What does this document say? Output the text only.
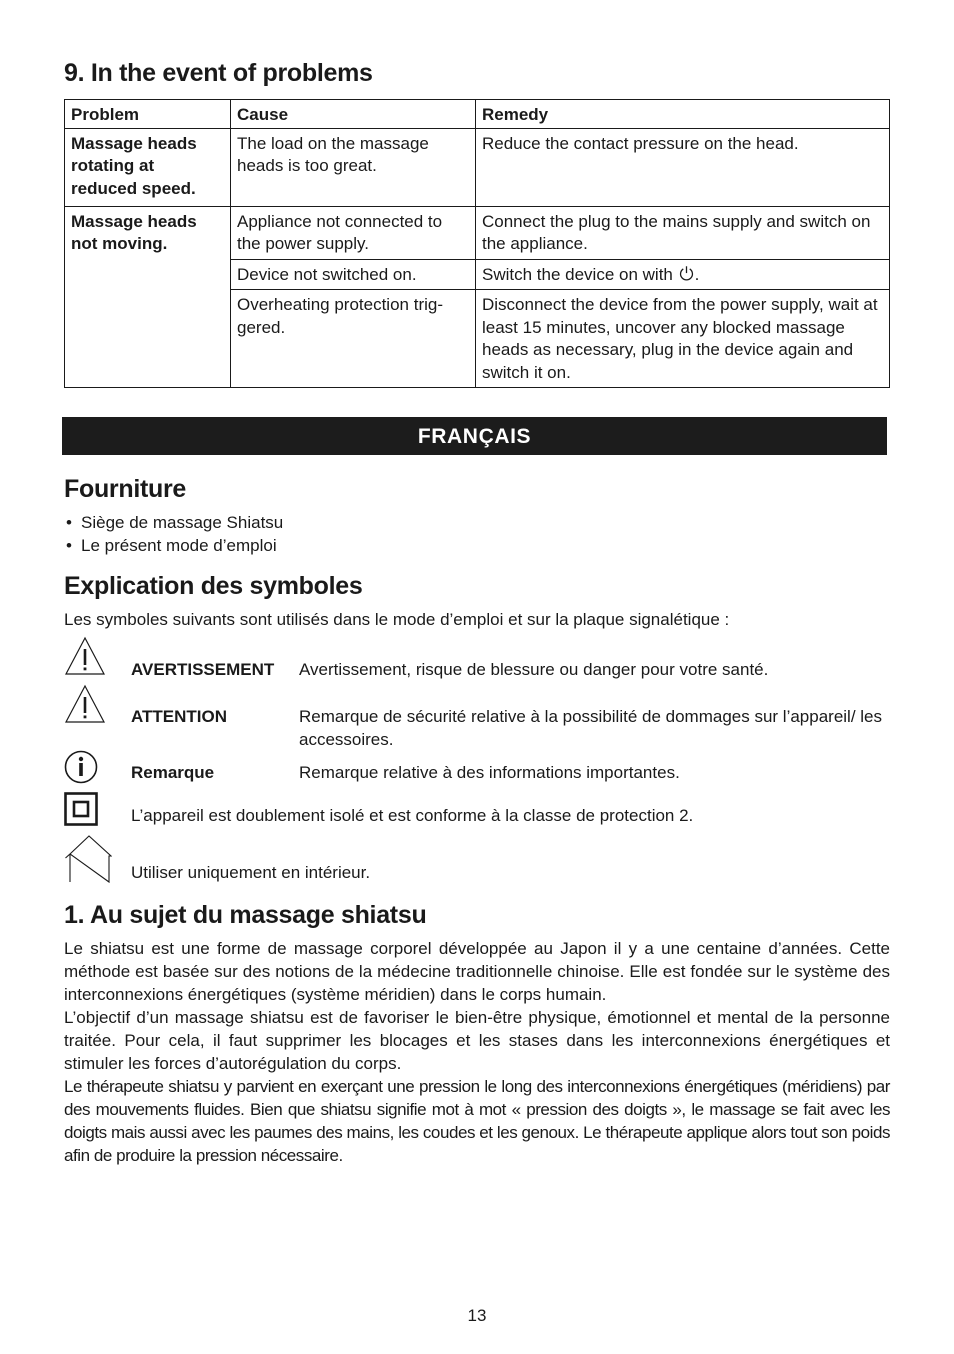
9. In the event of problems
Problem	Cause	Remedy
Massage heads rotating at reduced speed.	The load on the massage heads is too great.	Reduce the contact pressure on the head.
Massage heads not moving.	Appliance not connected to the power supply.	Connect the plug to the mains supply and switch on the appliance.
	Device not switched on.	Switch the device on with .
	Overheating protection trig-gered.	Disconnect the device from the power supply, wait at least 15 minutes, uncover any blocked massage heads as necessary, plug in the device again and switch it on.
FRANÇAIS
Fourniture
• Siège de massage Shiatsu
• Le présent mode d’emploi
Explication des symboles
Les symboles suivants sont utilisés dans le mode d’emploi et sur la plaque signalétique :
AVERTISSEMENT Avertissement, risque de blessure ou danger pour votre santé.
ATTENTION	Remarque de sécurité relative à la possibilité de dommages sur l’appareil/ les accessoires.
Remarque	Remarque relative à des informations importantes.
L’appareil est doublement isolé et est conforme à la classe de protection 2.
Utiliser uniquement en intérieur.
1. Au sujet du massage shiatsu

Le shiatsu est une forme de massage corporel développée au Japon il y a une centaine d’années. Cette méthode est basée sur des notions de la médecine traditionnelle chinoise. Elle est fondée sur le système des interconnexions énergétiques (système méridien) dans le corps humain.

L’objectif d’un massage shiatsu est de favoriser le bien-être physique, émotionnel et mental de la personne traitée. Pour cela, il faut supprimer les blocages et les stases dans les interconnexions énergétiques et stimuler les forces d’autorégulation du corps.

Le thérapeute shiatsu y parvient en exerçant une pression le long des interconnexions énergétiques (méridiens) par des mouvements fluides. Bien que shiatsu signifie mot à mot « pression des doigts », le massage se fait avec les doigts mais aussi avec les paumes des mains, les coudes et les genoux. Le thérapeute applique alors tout son poids afin de produire la pression nécessaire.

13
